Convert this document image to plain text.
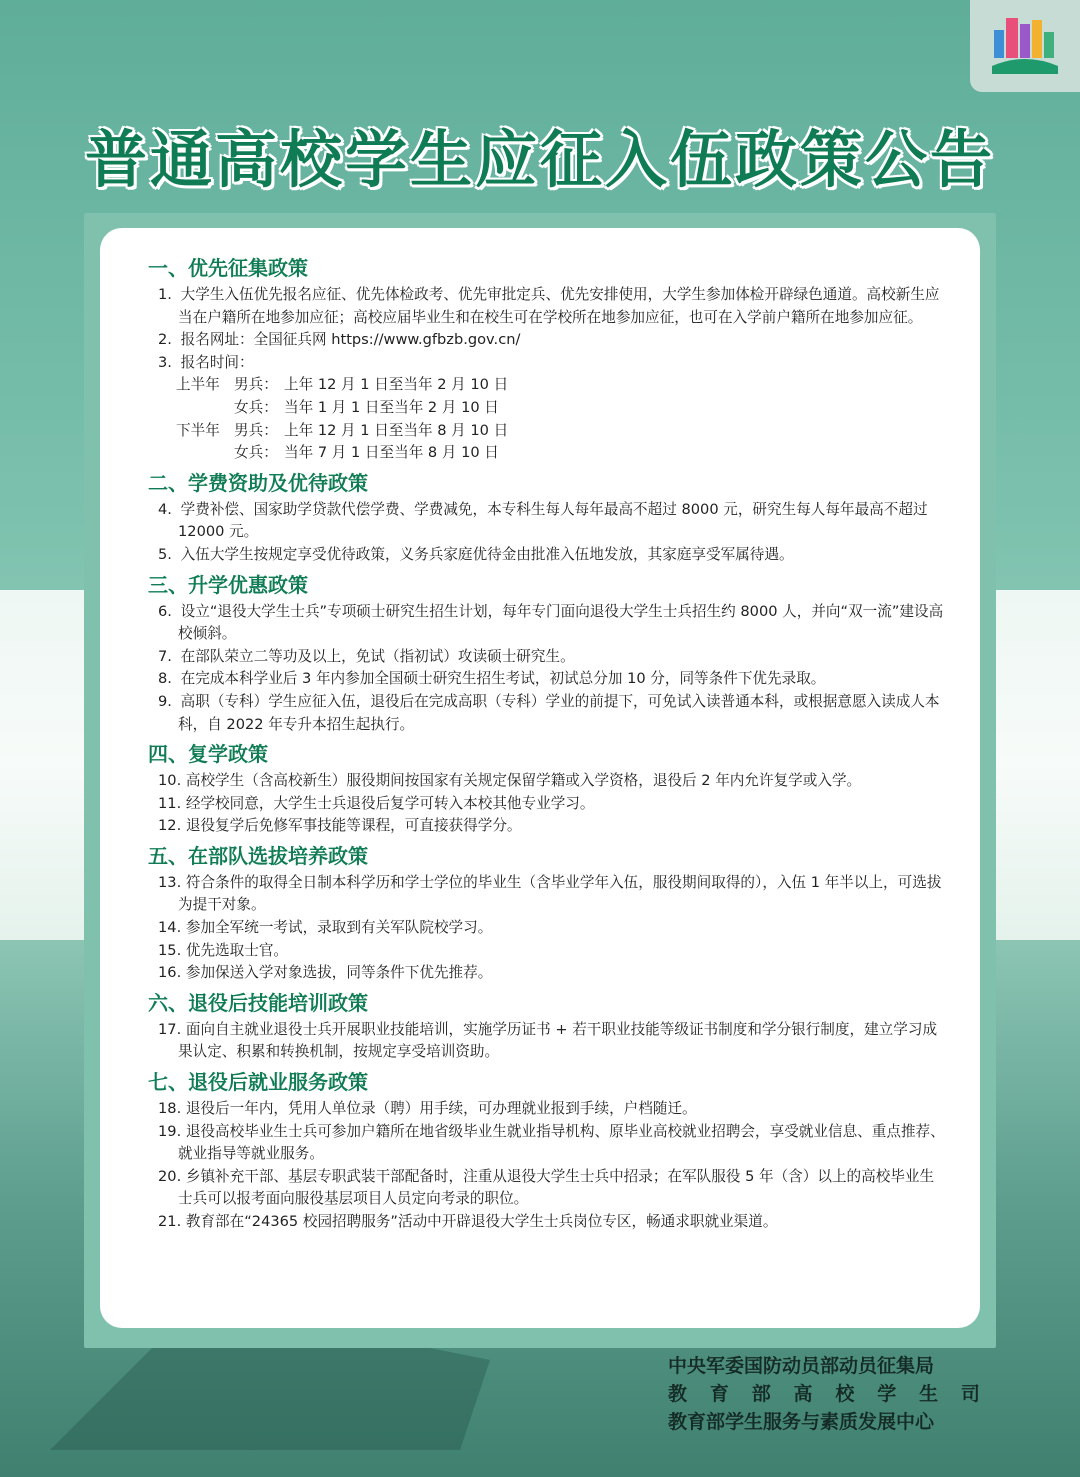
普通高校学生应征入伍政策公告
一、优先征集政策
1. 大学生入伍优先报名应征、优先体检政考、优先审批定兵、优先安排使用，大学生参加体检开辟绿色通道。高校新生应当在户籍所在地参加应征；高校应届毕业生和在校生可在学校所在地参加应征，也可在入学前户籍所在地参加应征。
2. 报名网址：全国征兵网 https://www.gfbzb.gov.cn/
3. 报名时间：
上半年 男兵： 上年 12 月 1 日至当年 2 月 10 日
女兵： 当年 1 月 1 日至当年 2 月 10 日
下半年 男兵： 上年 12 月 1 日至当年 8 月 10 日
女兵： 当年 7 月 1 日至当年 8 月 10 日
二、学费资助及优待政策
4. 学费补偿、国家助学贷款代偿学费、学费减免，本专科生每人每年最高不超过 8000 元，研究生每人每年最高不超过 12000 元。
5. 入伍大学生按规定享受优待政策，义务兵家庭优待金由批准入伍地发放，其家庭享受军属待遇。
三、升学优惠政策
6. 设立“退役大学生士兵”专项硕士研究生招生计划，每年专门面向退役大学生士兵招生约 8000 人，并向“双一流”建设高校倾斜。
7. 在部队荣立二等功及以上，免试（指初试）攻读硕士研究生。
8. 在完成本科学业后 3 年内参加全国硕士研究生招生考试，初试总分加 10 分，同等条件下优先录取。
9. 高职（专科）学生应征入伍，退役后在完成高职（专科）学业的前提下，可免试入读普通本科，或根据意愿入读成人本科，自 2022 年专升本招生起执行。
四、复学政策
10. 高校学生（含高校新生）服役期间按国家有关规定保留学籍或入学资格，退役后 2 年内允许复学或入学。
11. 经学校同意，大学生士兵退役后复学可转入本校其他专业学习。
12. 退役复学后免修军事技能等课程，可直接获得学分。
五、在部队选拔培养政策
13. 符合条件的取得全日制本科学历和学士学位的毕业生（含毕业学年入伍，服役期间取得的），入伍 1 年半以上，可选拔为提干对象。
14. 参加全军统一考试，录取到有关军队院校学习。
15. 优先选取士官。
16. 参加保送入学对象选拔，同等条件下优先推荐。
六、退役后技能培训政策
17. 面向自主就业退役士兵开展职业技能培训，实施学历证书 + 若干职业技能等级证书制度和学分银行制度，建立学习成果认定、积累和转换机制，按规定享受培训资助。
七、退役后就业服务政策
18. 退役后一年内，凭用人单位录（聘）用手续，可办理就业报到手续，户档随迁。
19. 退役高校毕业生士兵可参加户籍所在地省级毕业生就业指导机构、原毕业高校就业招聘会，享受就业信息、重点推荐、就业指导等就业服务。
20. 乡镇补充干部、基层专职武装干部配备时，注重从退役大学生士兵中招录；在军队服役 5 年（含）以上的高校毕业生士兵可以报考面向服役基层项目人员定向考录的职位。
21. 教育部在“24365 校园招聘服务”活动中开辟退役大学生士兵岗位专区，畅通求职就业渠道。
中央军委国防动员部动员征集局
教 育 部 高 校 学 生 司
教育部学生服务与素质发展中心
